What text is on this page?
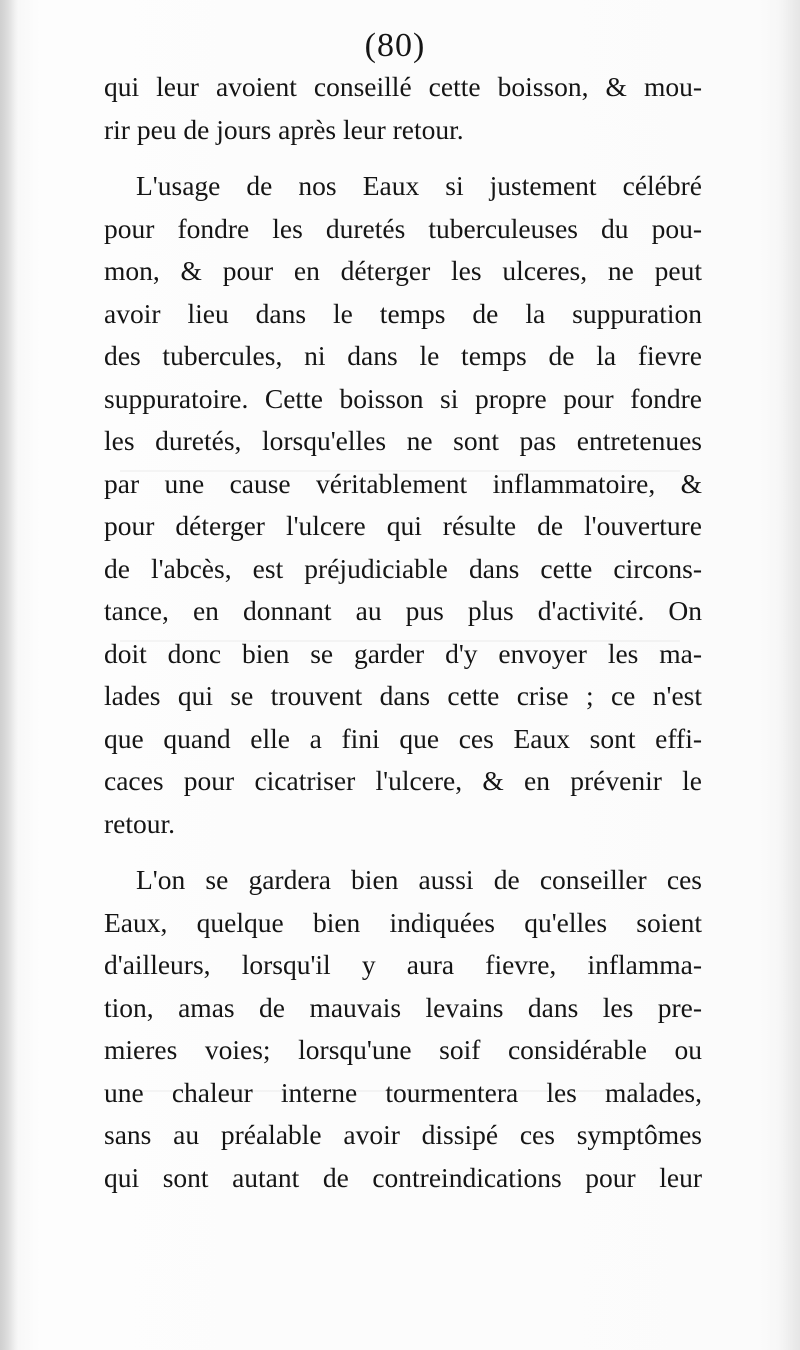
(80)
qui leur avoient conseillé cette boisson, & mou-
rir peu de jours après leur retour.
L'usage de nos Eaux si justement célébré
pour fondre les duretés tuberculeuses du pou-
mon, & pour en déterger les ulceres, ne peut
avoir lieu dans le temps de la suppuration
des tubercules, ni dans le temps de la fievre
suppuratoire. Cette boisson si propre pour fondre
les duretés, lorsqu'elles ne sont pas entretenues
par une cause véritablement inflammatoire, &
pour déterger l'ulcere qui résulte de l'ouverture
de l'abcès, est préjudiciable dans cette circons-
tance, en donnant au pus plus d'activité. On
doit donc bien se garder d'y envoyer les ma-
lades qui se trouvent dans cette crise ; ce n'est
que quand elle a fini que ces Eaux sont effi-
caces pour cicatriser l'ulcere, & en prévenir le
retour.
L'on se gardera bien aussi de conseiller ces
Eaux, quelque bien indiquées qu'elles soient
d'ailleurs, lorsqu'il y aura fievre, inflamma-
tion, amas de mauvais levains dans les pre-
mieres voies; lorsqu'une soif considérable ou
une chaleur interne tourmentera les malades,
sans au préalable avoir dissipé ces symptômes
qui sont autant de contreindications pour leur
